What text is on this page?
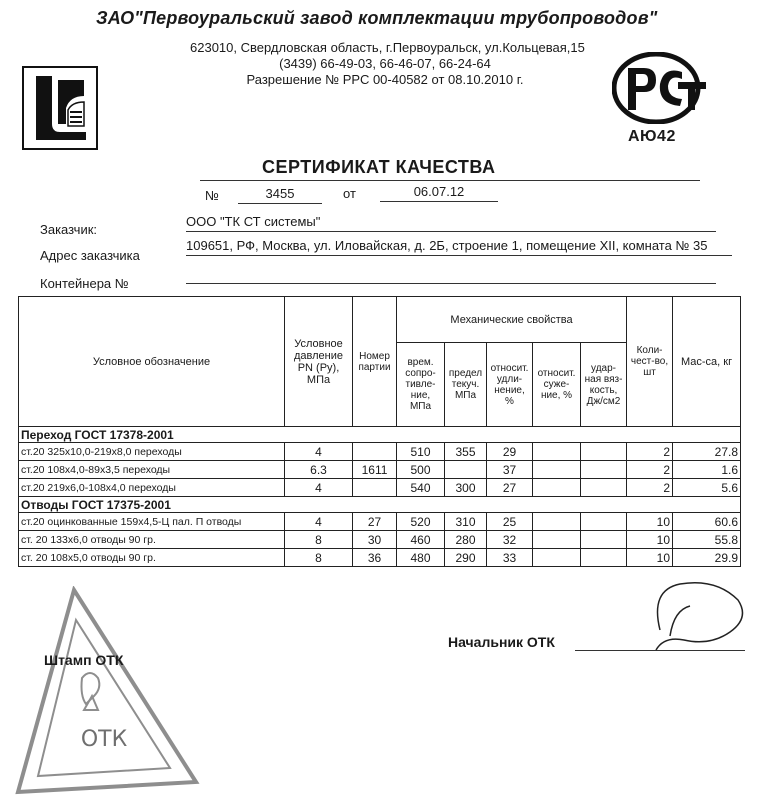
ЗАО"Первоуральский завод комплектации трубопроводов"
623010, Свердловская область, г.Первоуральск, ул.Кольцевая,15
(3439) 66-49-03, 66-46-07, 66-24-64
Разрешение № РРС 00-40582 от 08.10.2010 г.
АЮ42
СЕРТИФИКАТ КАЧЕСТВА
№	3455	от	06.07.12
Заказчик:
ООО "ТК СТ системы"
Адрес заказчика
109651, РФ, Москва, ул. Иловайская, д. 2Б, строение 1, помещение XII, комната № 35
Контейнера №
Условное обозначение	Условное давление PN (Ру), МПа	Номер партии	Механические свойства					Коли-чест-во, шт	Мас-са, кг
			врем. сопро-тивле-ние, МПа	предел текуч. МПа	относит. удли-нение, %	относит. суже-ние, %	удар-ная вяз-кость, Дж/см2		
Переход ГОСТ 17378-2001									
ст.20 325х10,0-219х8,0 переходы	4		510	355	29			2	27.8
ст.20 108х4,0-89х3,5 переходы	6.3	1611	500		37			2	1.6
ст.20 219х6,0-108х4,0 переходы	4		540	300	27			2	5.6
Отводы ГОСТ 17375-2001									
ст.20 оцинкованные 159х4,5-Ц пал. П отводы	4	27	520	310	25			10	60.6
ст. 20 133х6,0 отводы 90 гр.	8	30	460	280	32			10	55.8
ст. 20 108х5,0 отводы 90 гр.	8	36	480	290	33			10	29.9
ОТК
Штамп ОТК
Начальник ОТК
